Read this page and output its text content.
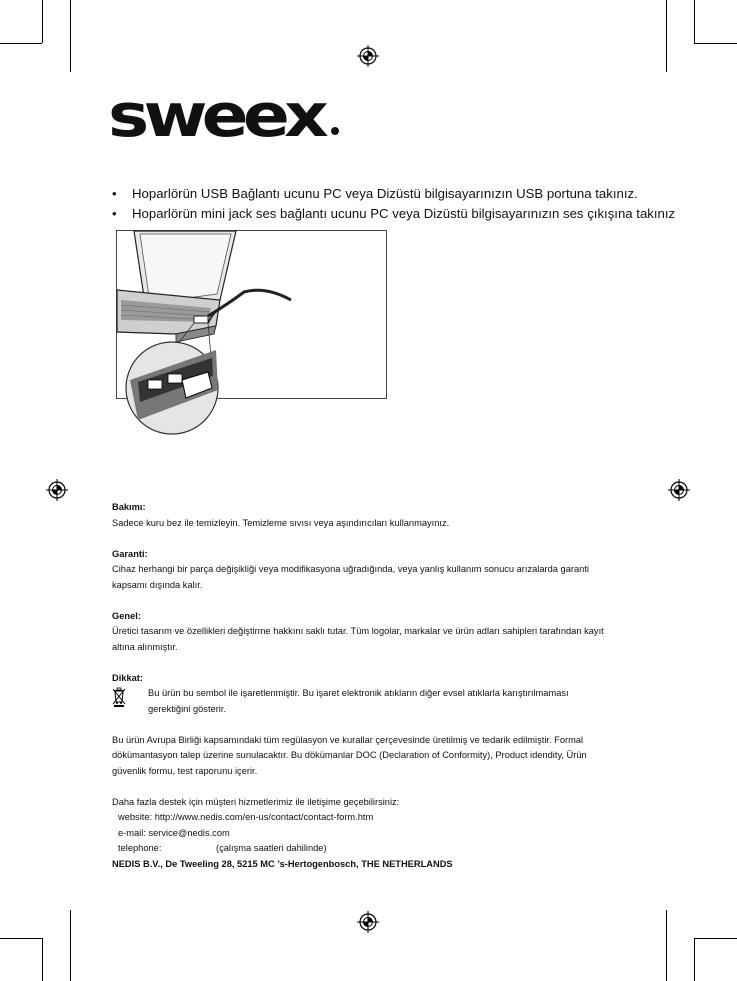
sweex
•	Hoparlörün USB Bağlantı ucunu PC veya Dizüstü bilgisayarınızın USB portuna takınız.
•	Hoparlörün mini jack ses bağlantı ucunu PC veya Dizüstü bilgisayarınızın ses çıkışına takınız
Bakımı:
Sadece kuru bez ile temizleyin. Temizleme sıvısı veya aşındırıcıları kullanmayınız.
Garanti:
Cihaz herhangi bir parça değişikliği veya modifikasyona uğradığında, veya yanlış kullanım sonucu arızalarda garanti
kapsamı dışında kalır.
Genel:
Üretici tasarım ve özellikleri değiştirme hakkını saklı tutar. Tüm logolar, markalar ve ürün adları sahipleri tarafından kayıt
altına alınmıştır.
Dikkat:
Bu ürün bu sembol ile işaretlenmiştir. Bu işaret elektronik atıkların diğer evsel atıklarla karıştırılmaması
gerektiğini gösterir.
Bu ürün Avrupa Birliği kapsamındaki tüm regülasyon ve kurallar çerçevesinde üretilmiş ve tedarik edilmiştir. Formal
dökümantasyon talep üzerine sunulacaktır. Bu dökümanlar DOC (Declaration of Conformity), Product idendity, Ürün
güvenlik formu, test raporunu içerir.
Daha fazla destek için müşteri hizmetlerimiz ile iletişime geçebilirsiniz:
website: http://www.nedis.com/en-us/contact/contact-form.htm
e-mail: service@nedis.com
telephone:	(çalışma saatleri dahilinde)
NEDIS B.V., De Tweeling 28, 5215 MC ’s-Hertogenbosch, THE NETHERLANDS
